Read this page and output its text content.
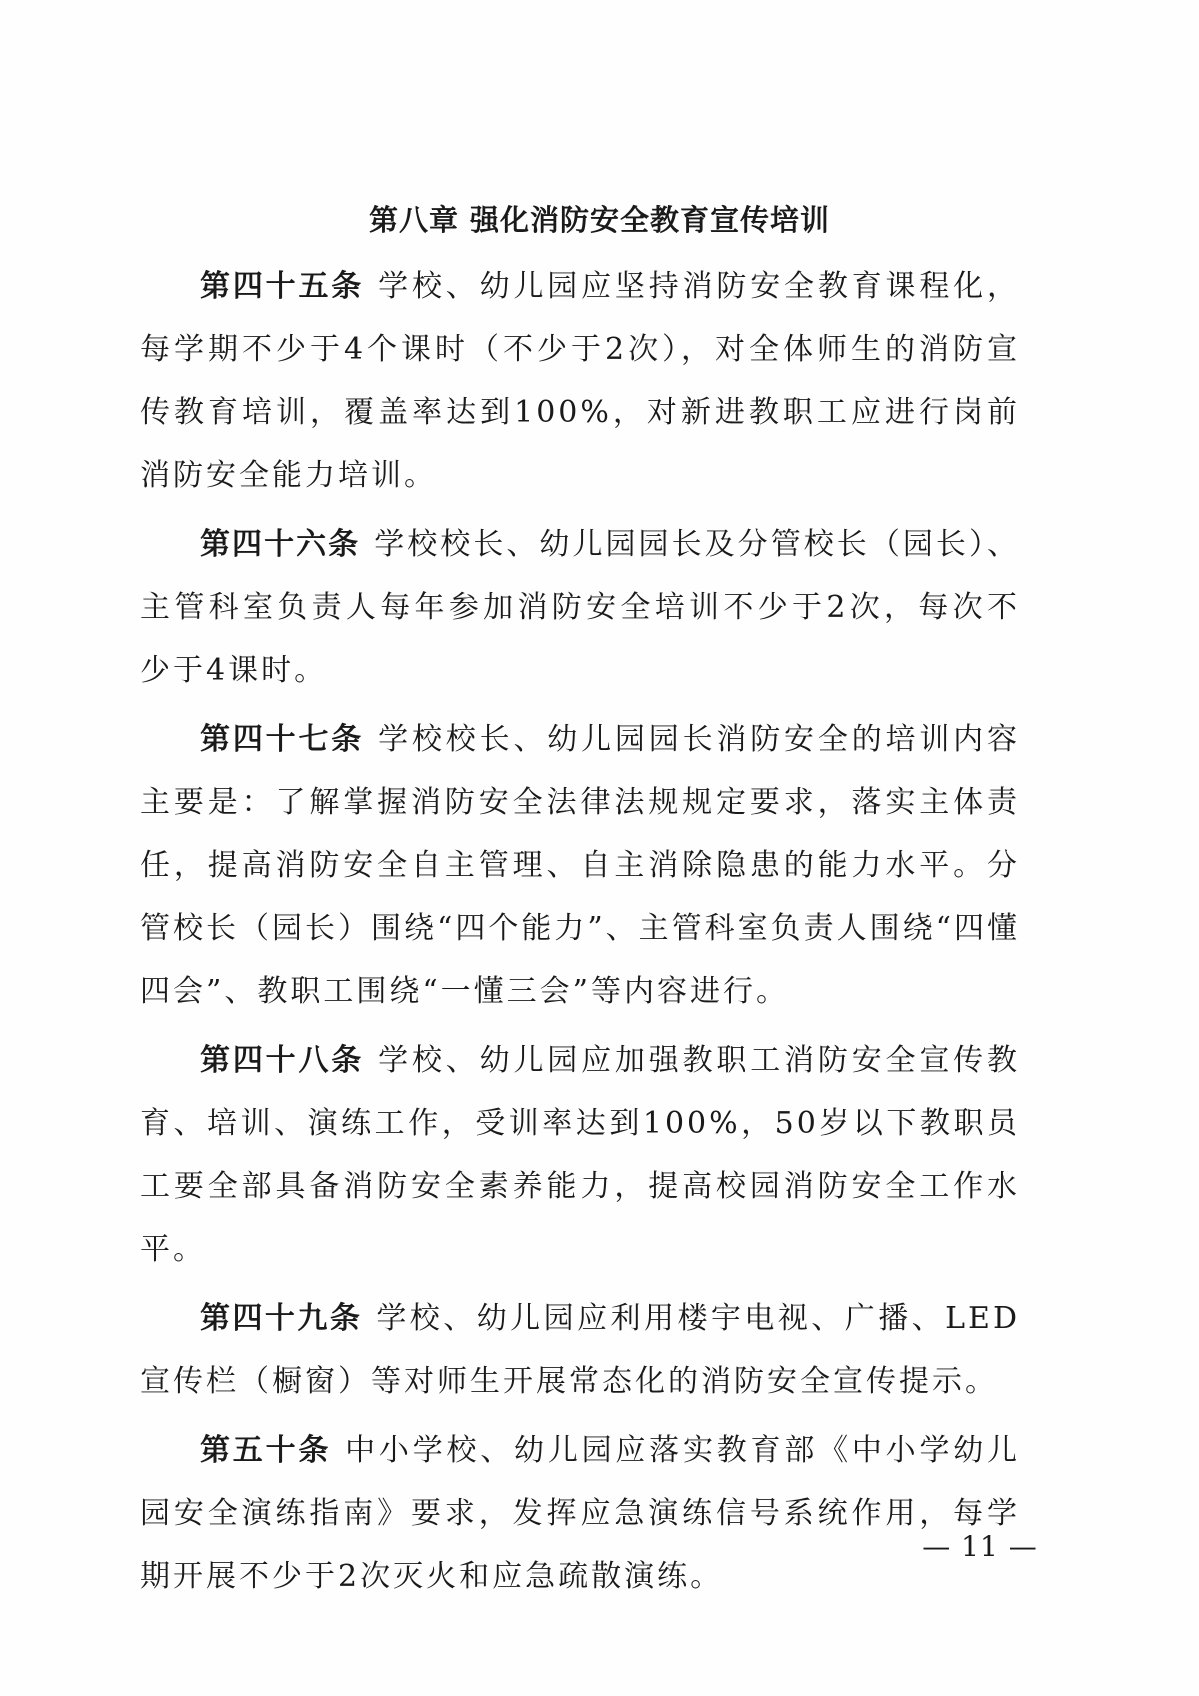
第八章 强化消防安全教育宣传培训

第四十五条 学校、幼儿园应坚持消防安全教育课程化，每学期不少于4个课时（不少于2次），对全体师生的消防宣传教育培训，覆盖率达到100%，对新进教职工应进行岗前消防安全能力培训。

第四十六条 学校校长、幼儿园园长及分管校长（园长）、主管科室负责人每年参加消防安全培训不少于2次，每次不少于4课时。

第四十七条 学校校长、幼儿园园长消防安全的培训内容主要是：了解掌握消防安全法律法规规定要求，落实主体责任，提高消防安全自主管理、自主消除隐患的能力水平。分管校长（园长）围绕“四个能力”、主管科室负责人围绕“四懂四会”、教职工围绕“一懂三会”等内容进行。

第四十八条 学校、幼儿园应加强教职工消防安全宣传教育、培训、演练工作，受训率达到100%，50岁以下教职员工要全部具备消防安全素养能力，提高校园消防安全工作水平。

第四十九条 学校、幼儿园应利用楼宇电视、广播、LED宣传栏（橱窗）等对师生开展常态化的消防安全宣传提示。

第五十条 中小学校、幼儿园应落实教育部《中小学幼儿园安全演练指南》要求，发挥应急演练信号系统作用，每学期开展不少于2次灭火和应急疏散演练。

— 11 —
